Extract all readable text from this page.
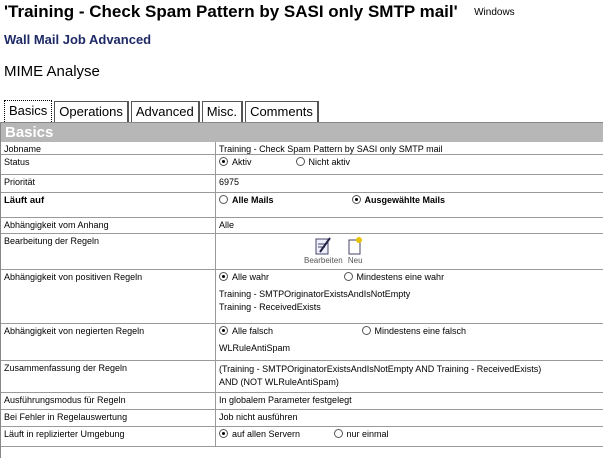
'Training - Check Spam Pattern by SASI only SMTP mail' Windows
Wall Mail Job Advanced
MIME Analyse
Basics Operations	Advanced	Misc.	Comments
Basics
Jobname	Training - Check Spam Pattern by SASI only SMTP mail
Status	Aktiv	Nicht aktiv
Priorität	6975
Läuft auf	Alle Mails	Ausgewählte Mails
Abhängigkeit vom Anhang	Alle
Bearbeitung der Regeln
Bearbeiten Neu
Abhängigkeit von positiven Regeln	Alle wahr	Mindestens eine wahr
Training - SMTPOriginatorExistsAndIsNotEmpty
Training - ReceivedExists
Abhängigkeit von negierten Regeln	Alle falsch	Mindestens eine falsch
WLRuleAntiSpam
Zusammenfassung der Regeln	(Training - SMTPOriginatorExistsAndIsNotEmpty AND Training - ReceivedExists)
AND (NOT WLRuleAntiSpam)
Ausführungsmodus für Regeln	In globalem Parameter festgelegt
Bei Fehler in Regelauswertung	Job nicht ausführen
Läuft in replizierter Umgebung	auf allen Servern	nur einmal
